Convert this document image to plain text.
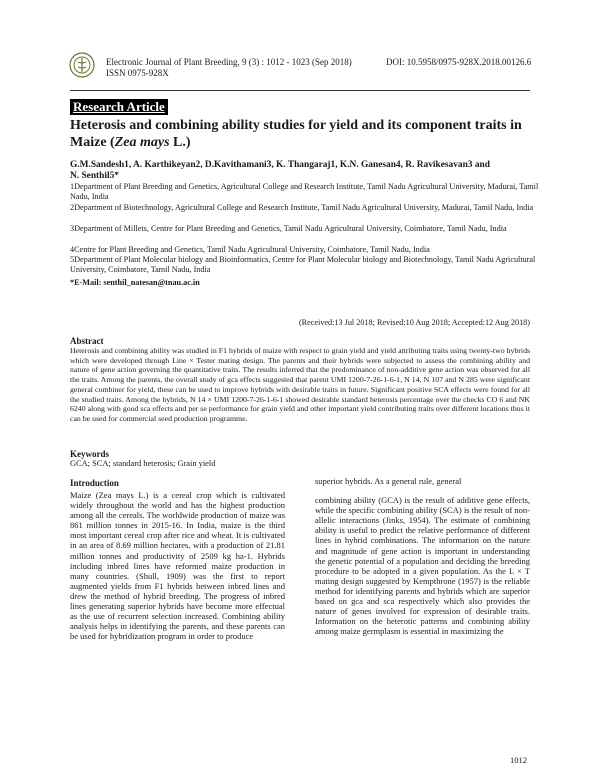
Electronic Journal of Plant Breeding, 9 (3) : 1012 - 1023 (Sep 2018)
ISSN 0975-928X
DOI: 10.5958/0975-928X.2018.00126.6
Research Article
Heterosis and combining ability studies for yield and its component traits in Maize (Zea mays L.)
G.M.Sandesh1, A. Karthikeyan2, D.Kavithamani3, K. Thangaraj1, K.N. Ganesan4, R. Ravikesavan3 and
N. Senthil5*
1Department of Plant Breeding and Genetics, Agricultural College and Research Institute, Tamil Nadu Agricultural University, Madurai, Tamil Nadu, India
2Department of Biotechnology, Agricultural College and Research Institute, Tamil Nadu Agricultural University, Madurai, Tamil Nadu, India
3Department of Millets, Centre for Plant Breeding and Genetics, Tamil Nadu Agricultural University, Coimbatore, Tamil Nadu, India
4Centre for Plant Breeding and Genetics, Tamil Nadu Agricultural University, Coimbatore, Tamil Nadu, India
5Department of Plant Molecular biology and Bioinformatics, Centre for Plant Molecular biology and Biotechnology, Tamil Nadu Agricultural University, Coimbatore, Tamil Nadu, India
*E-Mail: senthil_natesan@tnau.ac.in
(Received:13 Jul 2018; Revised:10 Aug 2018; Accepted:12 Aug 2018)
Abstract
Heterosis and combining ability was studied in F1 hybrids of maize with respect to grain yield and yield attributing traits using twenty-two hybrids which were developed through Line × Tester mating design. The parents and their hybrids were subjected to assess the combining ability and nature of gene action governing the quantitative traits. The results inferred that the predominance of non-additive gene action was observed for all the traits. Among the parents, the overall study of gca effects suggested that parent UMI 1200-7-26-1-6-1, N 14, N 107 and N 285 were significant general combiner for yield, these can be used to improve hybrids with desirable traits in future. Significant positive SCA effects were found for all the studied traits. Among the hybrids, N 14 × UMI 1200-7-26-1-6-1 showed desirable standard heterosis percentage over the checks CO 6 and NK 6240 along with good sca effects and per se performance for grain yield and other important yield contributing traits over different locations thus it can be used for commercial seed production programme.
Keywords
GCA; SCA; standard heterosis; Grain yield
Introduction
Maize (Zea mays L.) is a cereal crop which is cultivated widely throughout the world and has the highest production among all the cereals. The worldwide production of maize was 861 million tonnes in 2015-16. In India, maize is the third most important cereal crop after rice and wheat. It is cultivated in an area of 8.69 million hectares, with a production of 21.81 million tonnes and productivity of 2509 kg ha-1. Hybrids including inbred lines have reformed maize production in many countries. (Shull, 1909) was the first to report augmented yields from F1 hybrids between inbred lines and drew the method of hybrid breeding. The progress of inbred lines generating superior hybrids have become more effectual as the use of recurrent selection increased. Combining ability analysis helps in identifying the parents, and these parents can be used for hybridization program in order to produce
superior hybrids. As a general rule, general
combining ability (GCA) is the result of additive gene effects, while the specific combining ability (SCA) is the result of non-allelic interactions (Jinks, 1954). The estimate of combining ability is useful to predict the relative performance of different lines in hybrid combinations. The information on the nature and magnitude of gene action is important in understanding the genetic potential of a population and deciding the breeding procedure to be adopted in a given population. As the L × T mating design suggested by Kempthrone (1957) is the reliable method for identifying parents and hybrids which are superior based on gca and sca respectively which also provides the nature of genes involved for expression of desirable traits. Information on the heterotic patterns and combining ability among maize germplasm is essential in maximizing the
1012
